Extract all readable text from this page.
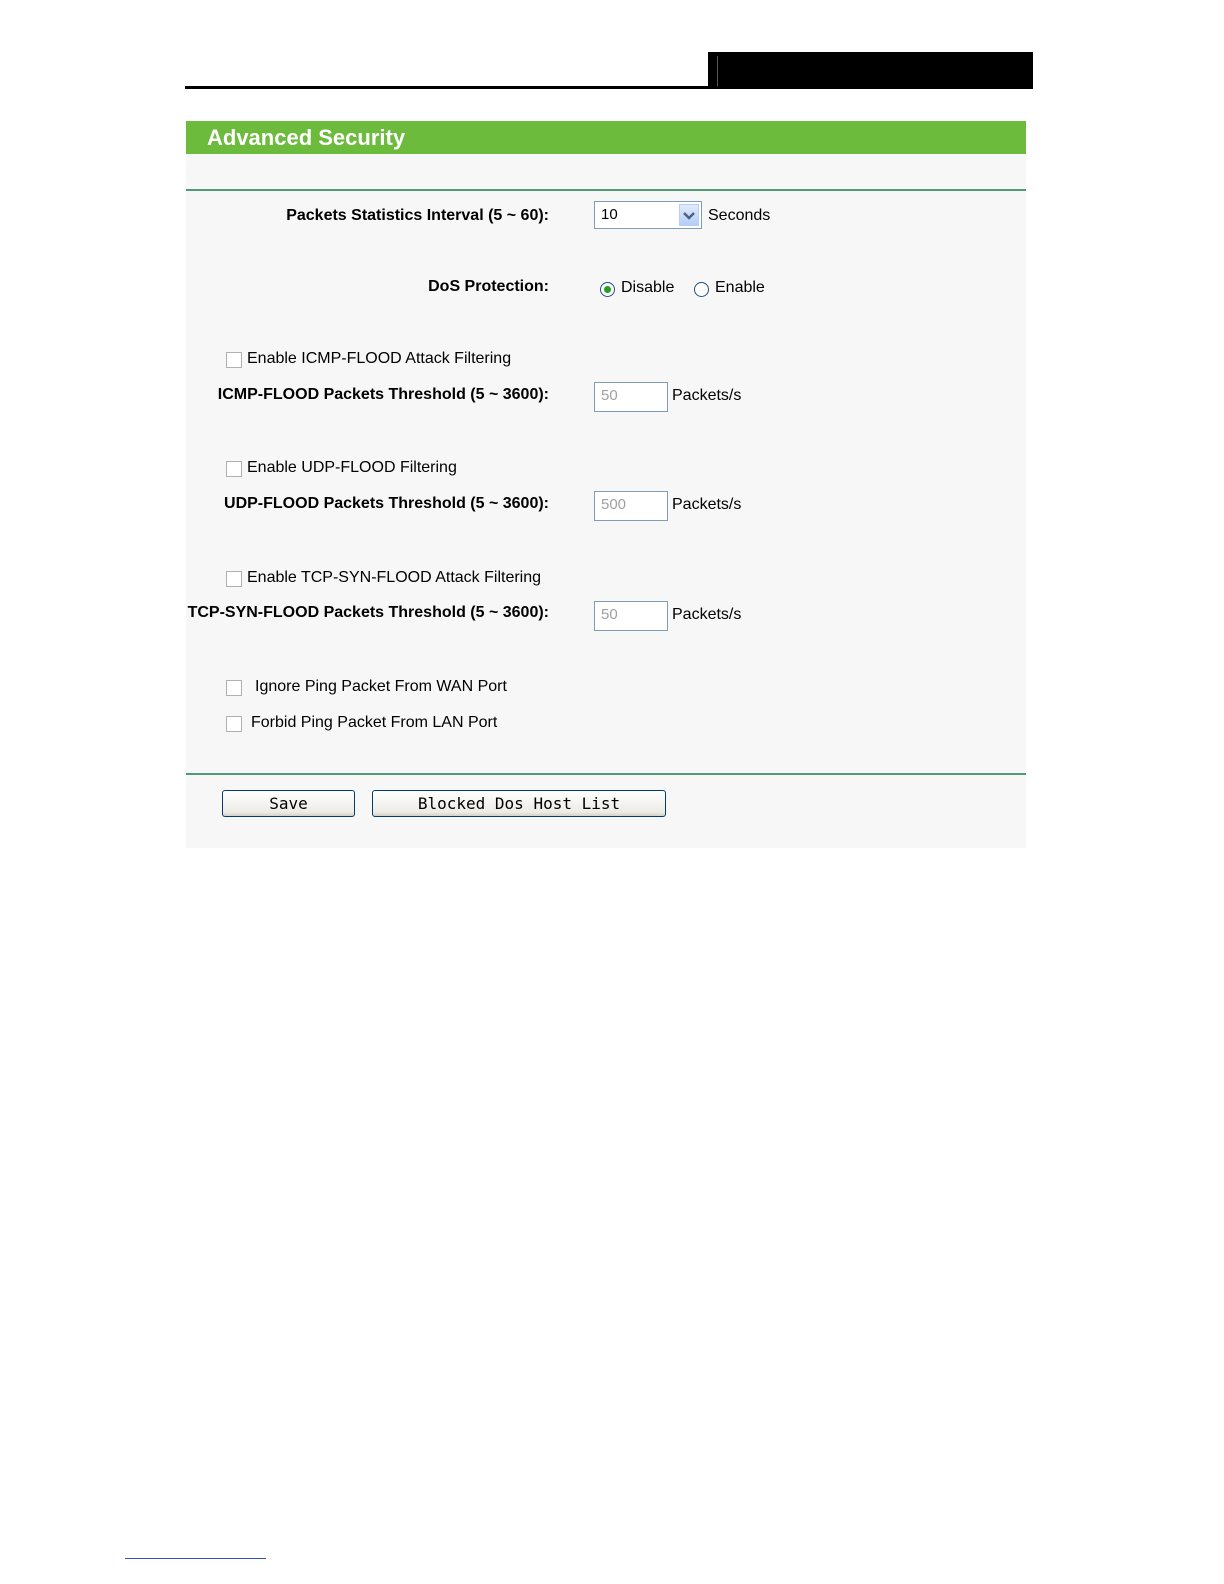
Advanced Security
Packets Statistics Interval (5 ~ 60):	10	Seconds
DoS Protection:	Disable	Enable
Enable ICMP-FLOOD Attack Filtering
ICMP-FLOOD Packets Threshold (5 ~ 3600):	50	Packets/s
Enable UDP-FLOOD Filtering
UDP-FLOOD Packets Threshold (5 ~ 3600):	500	Packets/s
Enable TCP-SYN-FLOOD Attack Filtering
TCP-SYN-FLOOD Packets Threshold (5 ~ 3600):	50	Packets/s
Ignore Ping Packet From WAN Port
Forbid Ping Packet From LAN Port
Save	Blocked Dos Host List
